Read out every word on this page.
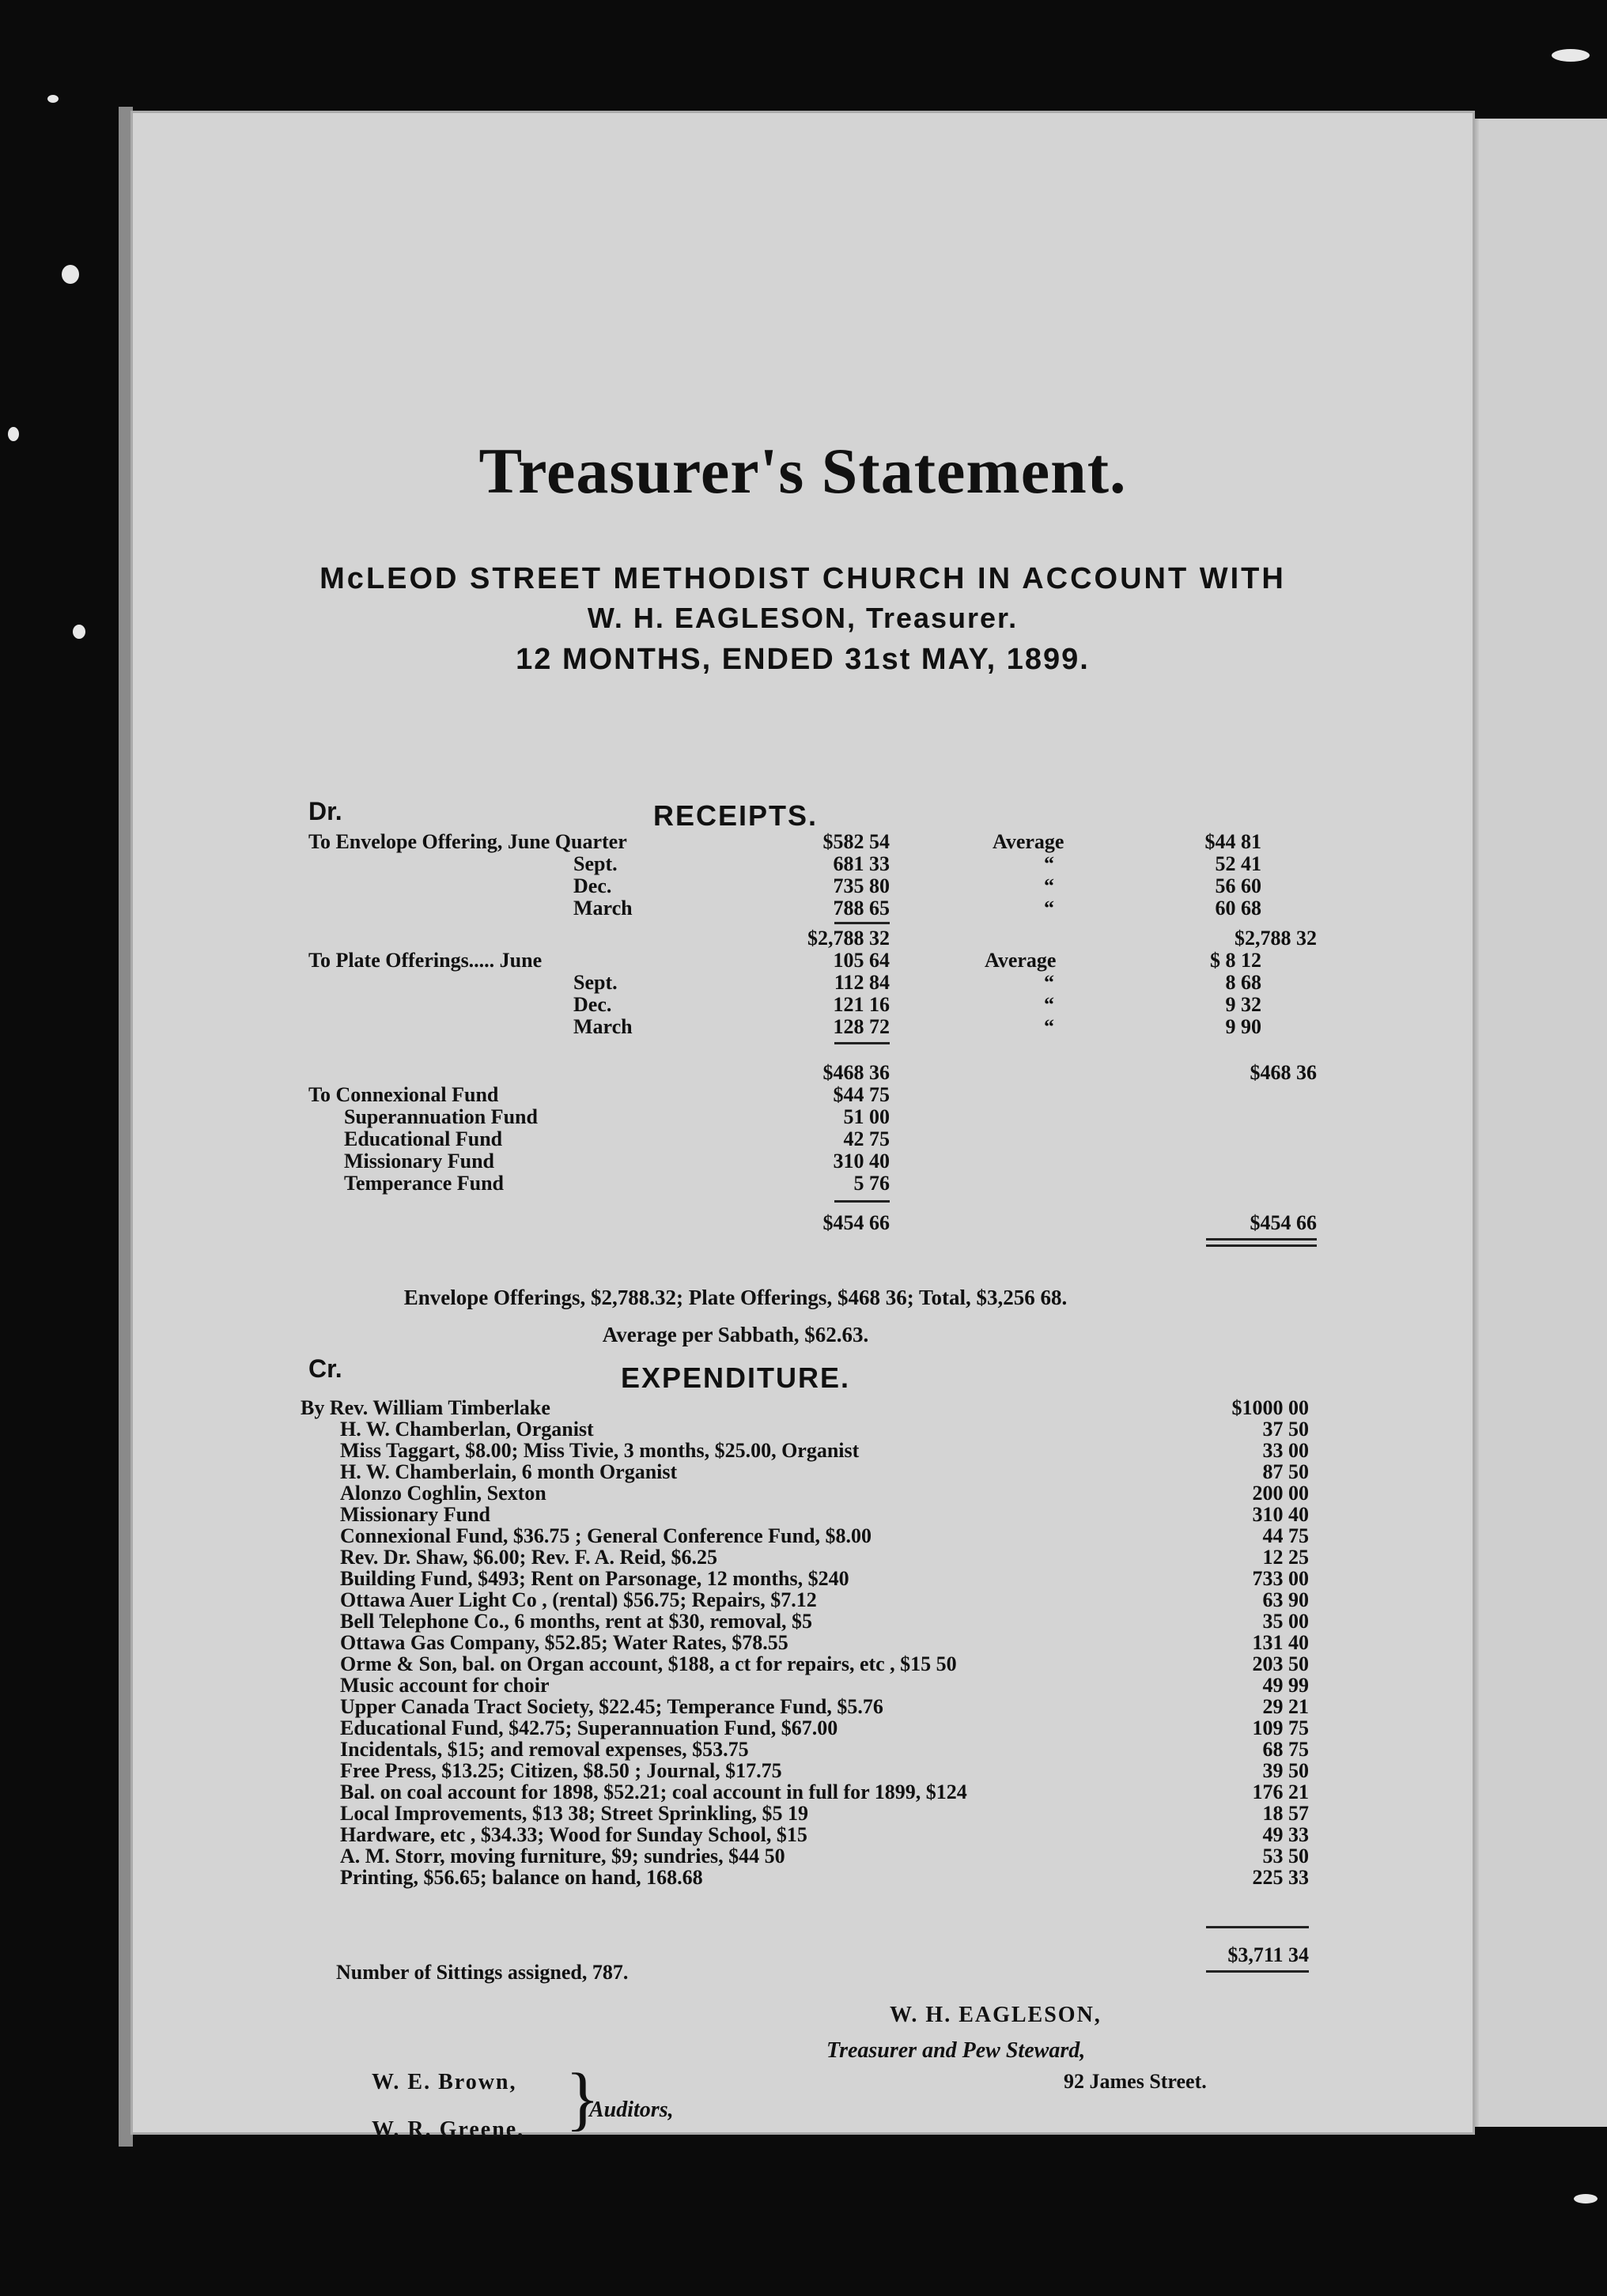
Treasurer's Statement.
McLEOD STREET METHODIST CHURCH IN ACCOUNT WITH
W. H. EAGLESON, Treasurer.
12 MONTHS, ENDED 31st MAY, 1899.
Dr.	RECEIPTS.
Envelope Offerings, $2,788.32; Plate Offerings, $468 36; Total, $3,256 68.
Average per Sabbath, $62.63.
Cr.	EXPENDITURE.
$3,711 34
Number of Sittings assigned, 787.
W. H. EAGLESON,
Treasurer and Pew Steward,
92 James Street.
W. E. Brown,
W. R. Greene, }
Auditors,
To Envelope Offering, June Quarter	$582 54	Average	$44 81
Sept.	681 33	“	52 41
Dec.	735 80	“	56 60
March	788 65	“	60 68
$2,788 32	$2,788 32
To Plate Offerings..... June	105 64	Average	$ 8 12
Sept.	112 84	“	8 68
Dec.	121 16	“	9 32
March	128 72	“	9 90
$468 36	$468 36
To Connexional Fund	$44 75
Superannuation Fund	51 00
Educational Fund	42 75
Missionary Fund	310 40
Temperance Fund	5 76
$454 66	$454 66
By Rev. William Timberlake	$1000 00
H. W. Chamberlan, Organist	37 50
Miss Taggart, $8.00; Miss Tivie, 3 months, $25.00, Organist	33 00
H. W. Chamberlain, 6 month Organist	87 50
Alonzo Coghlin, Sexton	200 00
Missionary Fund	310 40
Connexional Fund, $36.75 ; General Conference Fund, $8.00	44 75
Rev. Dr. Shaw, $6.00; Rev. F. A. Reid, $6.25	12 25
Building Fund, $493; Rent on Parsonage, 12 months, $240	733 00
Ottawa Auer Light Co , (rental) $56.75; Repairs, $7.12	63 90
Bell Telephone Co., 6 months, rent at $30, removal, $5	35 00
Ottawa Gas Company, $52.85; Water Rates, $78.55	131 40
Orme & Son, bal. on Organ account, $188, a ct for repairs, etc , $15 50	203 50
Music account for choir	49 99
Upper Canada Tract Society, $22.45; Temperance Fund, $5.76	29 21
Educational Fund, $42.75; Superannuation Fund, $67.00	109 75
Incidentals, $15; and removal expenses, $53.75	68 75
Free Press, $13.25; Citizen, $8.50 ; Journal, $17.75	39 50
Bal. on coal account for 1898, $52.21; coal account in full for 1899, $124	176 21
Local Improvements, $13 38; Street Sprinkling, $5 19	18 57
Hardware, etc , $34.33; Wood for Sunday School, $15	49 33
A. M. Storr, moving furniture, $9; sundries, $44 50	53 50
Printing, $56.65; balance on hand, 168.68	225 33
